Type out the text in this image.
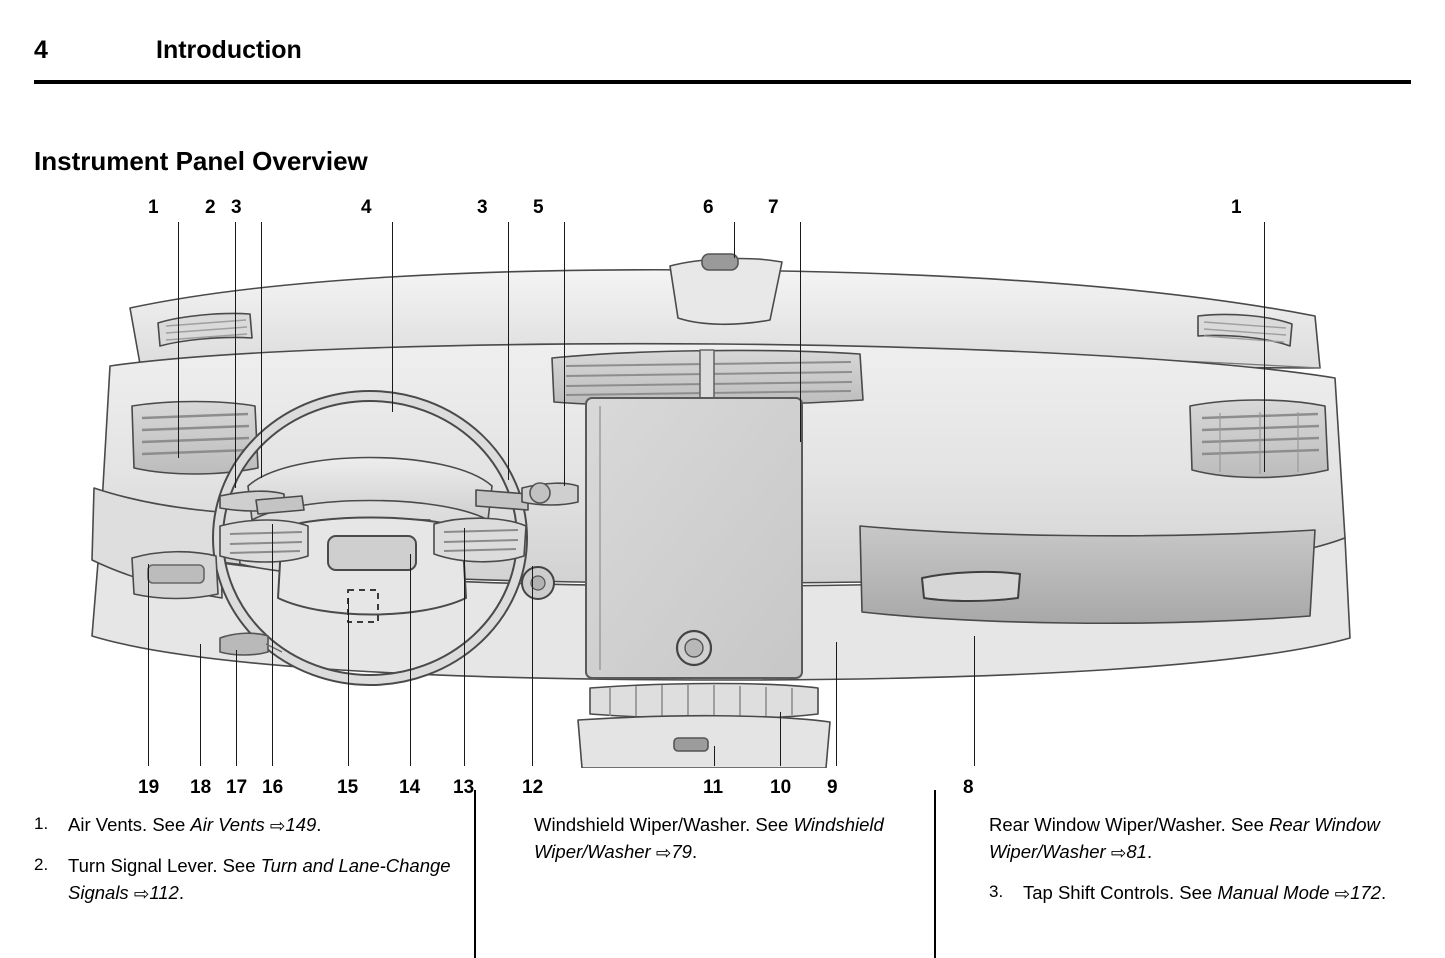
4	Introduction
Instrument Panel Overview
1 2 3	4	3 5	6	7	1
19 18 17 16	15 14 13	12	11 10 9	8
1. Air Vents. See Air Vents ⇨149.
2. Turn Signal Lever. See Turn and Lane-Change Signals ⇨112.
Windshield Wiper/Washer. See Windshield Wiper/Washer ⇨79.
Rear Window Wiper/Washer. See Rear Window Wiper/Washer ⇨81.
3. Tap Shift Controls. See Manual Mode ⇨172.
